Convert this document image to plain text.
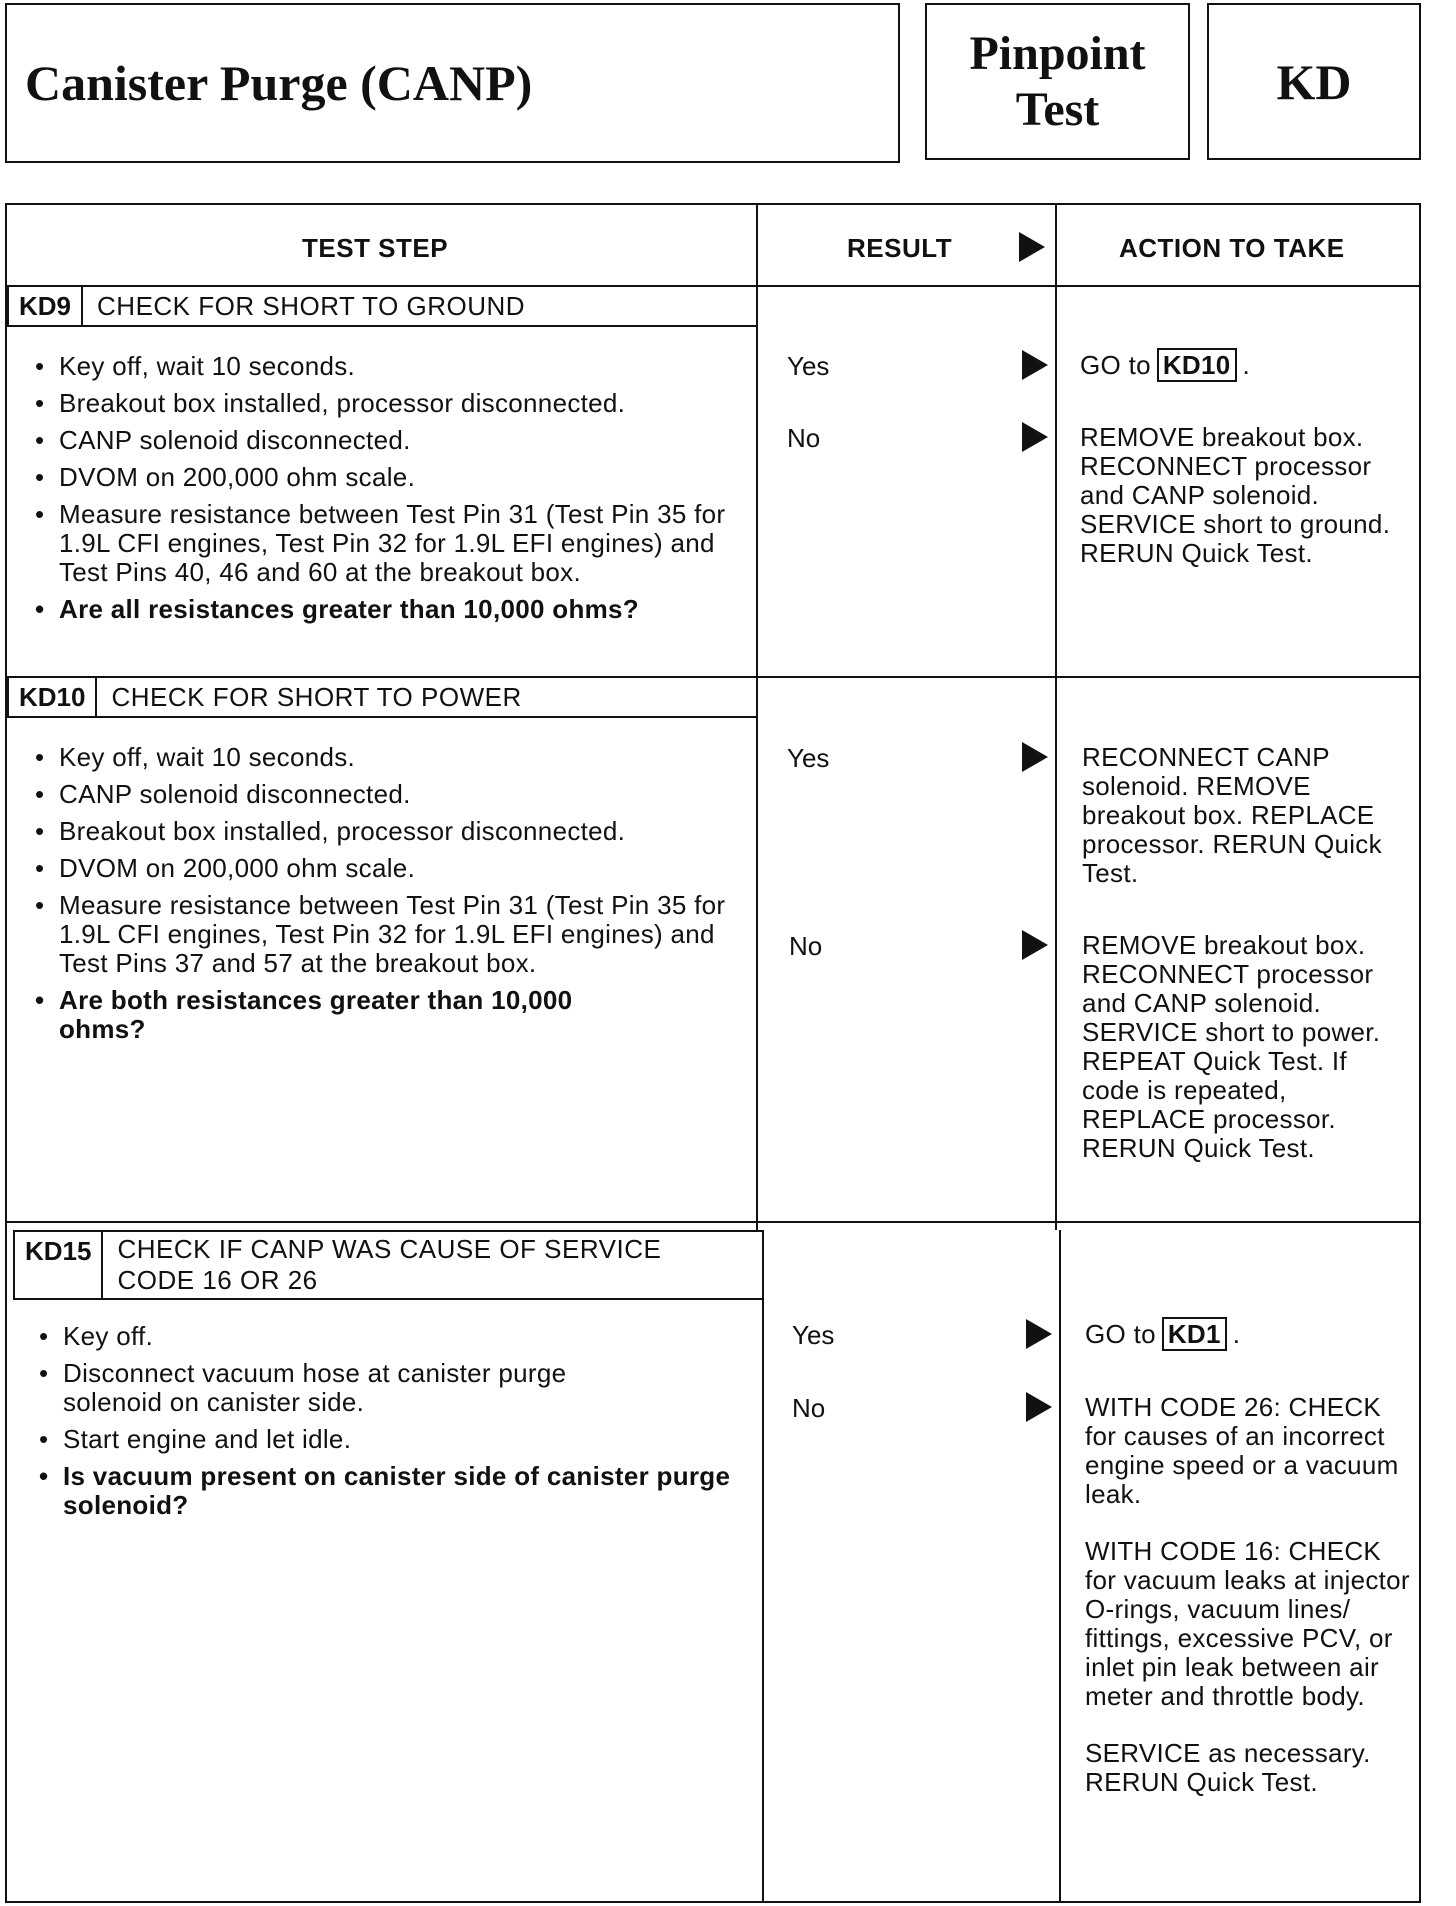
Canister Purge (CANP)
Pinpoint
Test	KD
TEST STEP	RESULT	ACTION TO TAKE
KD9	CHECK FOR SHORT TO GROUND
• Key off, wait 10 seconds.
• Breakout box installed, processor disconnected.
• CANP solenoid disconnected.
• DVOM on 200,000 ohm scale.
• Measure resistance between Test Pin 31 (Test Pin 35 for 1.9L CFI engines, Test Pin 32 for 1.9L EFI engines) and Test Pins 40, 46 and 60 at the breakout box.
• Are all resistances greater than 10,000 ohms?
Yes	GO to KD10 .
No	REMOVE breakout box. RECONNECT processor and CANP solenoid. SERVICE short to ground. RERUN Quick Test.
KD10	CHECK FOR SHORT TO POWER
• Key off, wait 10 seconds.
• CANP solenoid disconnected.
• Breakout box installed, processor disconnected.
• DVOM on 200,000 ohm scale.
• Measure resistance between Test Pin 31 (Test Pin 35 for 1.9L CFI engines, Test Pin 32 for 1.9L EFI engines) and Test Pins 37 and 57 at the breakout box.
• Are both resistances greater than 10,000 ohms?
Yes	RECONNECT CANP solenoid. REMOVE breakout box. REPLACE processor. RERUN Quick Test.
No	REMOVE breakout box. RECONNECT processor and CANP solenoid. SERVICE short to power. REPEAT Quick Test. If code is repeated, REPLACE processor. RERUN Quick Test.
KD15	CHECK IF CANP WAS CAUSE OF SERVICE CODE 16 OR 26
• Key off.
• Disconnect vacuum hose at canister purge solenoid on canister side.
• Start engine and let idle.
• Is vacuum present on canister side of canister purge solenoid?
Yes	GO to KD1 .
No	WITH CODE 26: CHECK for causes of an incorrect engine speed or a vacuum leak.

WITH CODE 16: CHECK for vacuum leaks at injector O-rings, vacuum lines/ fittings, excessive PCV, or inlet pin leak between air meter and throttle body.

SERVICE as necessary. RERUN Quick Test.
